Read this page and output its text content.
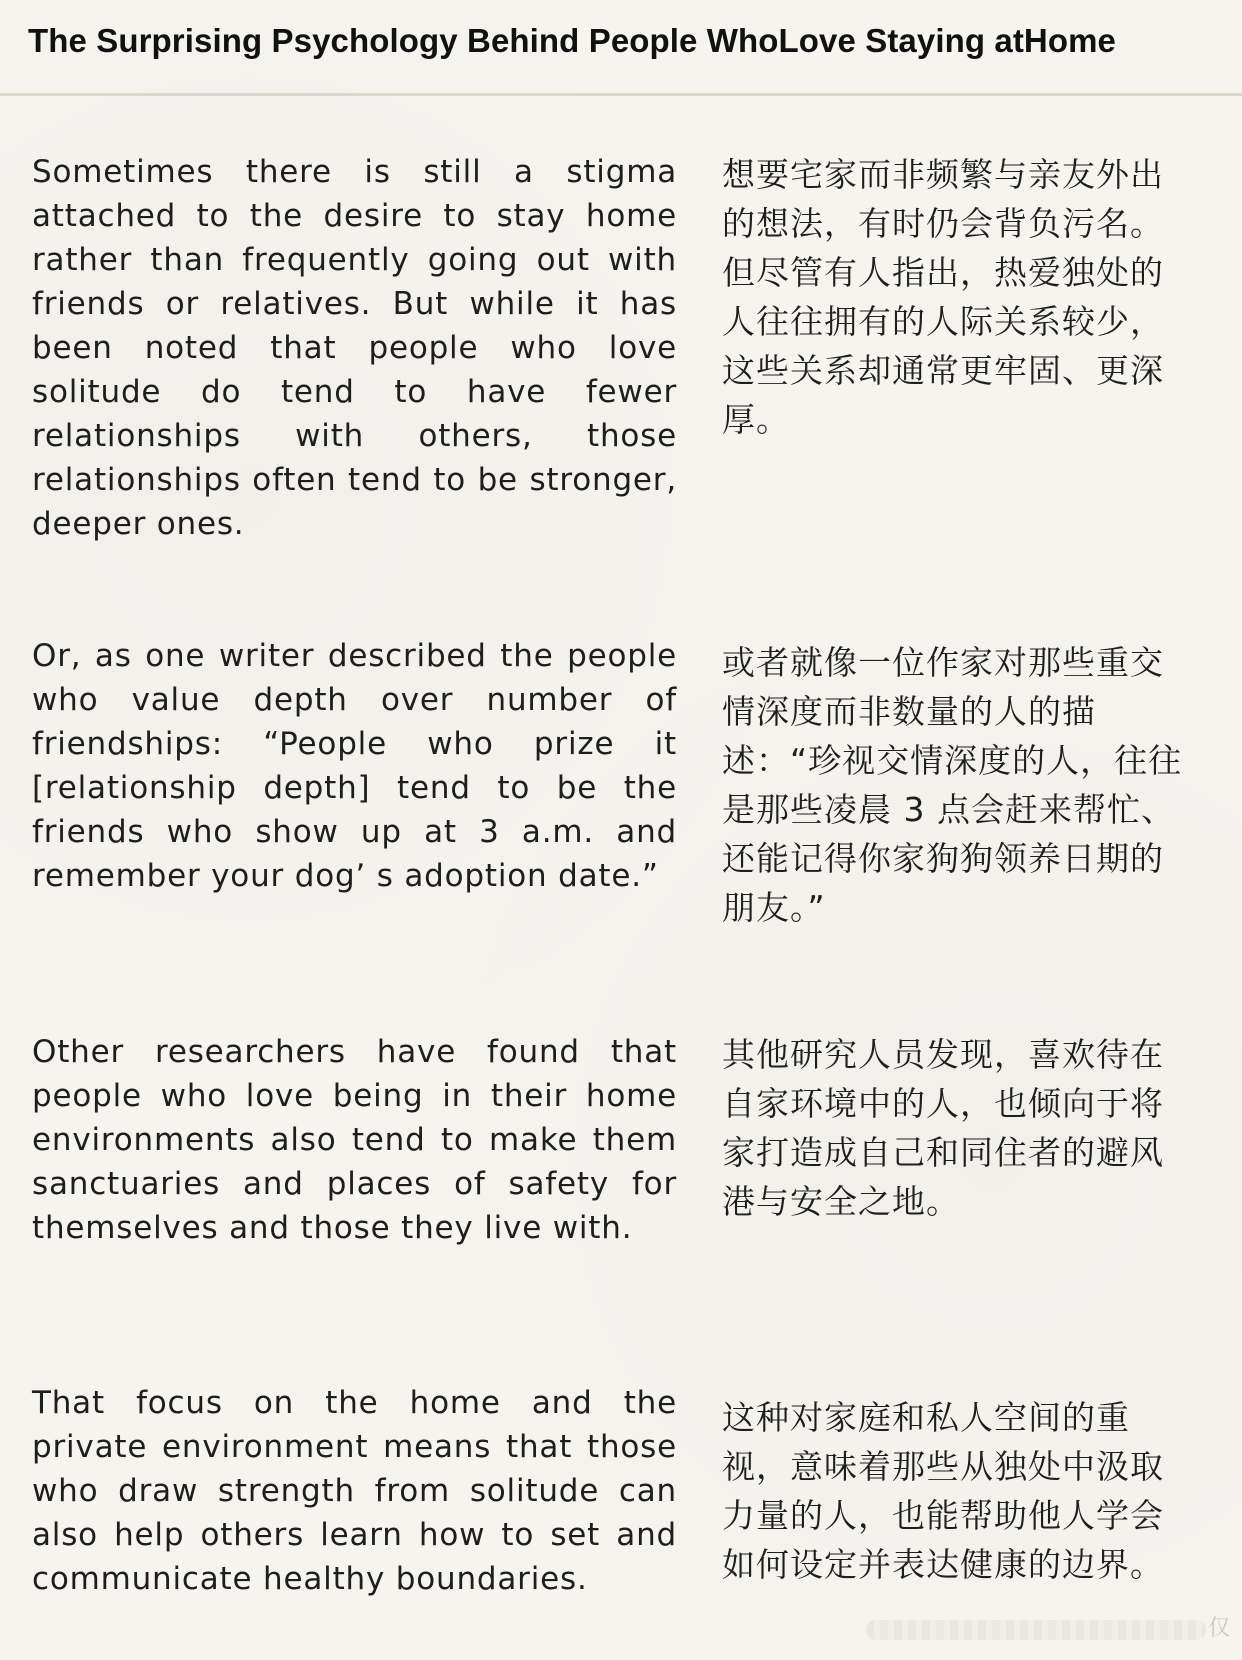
The Surprising Psychology Behind People WhoLove Staying atHome

Sometimes there is still a stigma attached to the desire to stay home rather than frequently going out with friends or relatives. But while it has been noted that people who love solitude do tend to have fewer relationships with others, those relationships often tend to be stronger, deeper ones.

想要宅家而非频繁与亲友外出的想法，有时仍会背负污名。但尽管有人指出，热爱独处的人往往拥有的人际关系较少，这些关系却通常更牢固、更深厚。

Or, as one writer described the people who value depth over number of friendships: “People who prize it [relationship depth] tend to be the friends who show up at 3 a.m. and remember your dog’ s adoption date.”

或者就像一位作家对那些重交情深度而非数量的人的描述：“珍视交情深度的人，往往是那些凌晨 3 点会赶来帮忙、还能记得你家狗狗领养日期的朋友。”

Other researchers have found that people who love being in their home environments also tend to make them sanctuaries and places of safety for themselves and those they live with.

其他研究人员发现，喜欢待在自家环境中的人，也倾向于将家打造成自己和同住者的避风港与安全之地。

That focus on the home and the private environment means that those who draw strength from solitude can also help others learn how to set and communicate healthy boundaries.

这种对家庭和私人空间的重视，意味着那些从独处中汲取力量的人，也能帮助他人学会如何设定并表达健康的边界。

仅
